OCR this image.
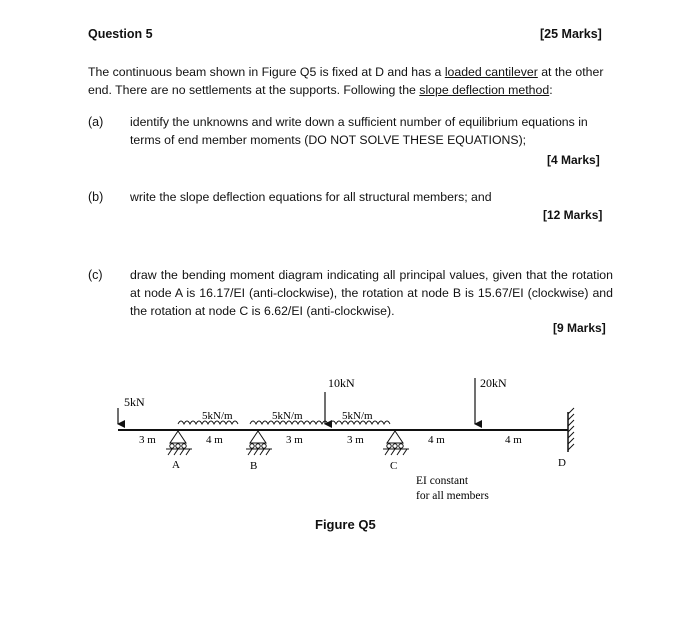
Question 5	[25 Marks]
The continuous beam shown in Figure Q5 is fixed at D and has a loaded cantilever at the other end. There are no settlements at the supports. Following the slope deflection method:
(a) identify the unknowns and write down a sufficient number of equilibrium equations in terms of end member moments (DO NOT SOLVE THESE EQUATIONS);
[4 Marks]
(b) write the slope deflection equations for all structural members; and
[12 Marks]
(c) draw the bending moment diagram indicating all principal values, given that the rotation at node A is 16.17/EI (anti-clockwise), the rotation at node B is 15.67/EI (clockwise) and the rotation at node C is 6.62/EI (anti-clockwise).
[9 Marks]
5kN
10kN	20kN
5kN/m	5kN/m	5kN/m
A	B	C	D
3 m	4 m	3 m	3 m	4 m	4 m
EI constant
for all members
Figure Q5
